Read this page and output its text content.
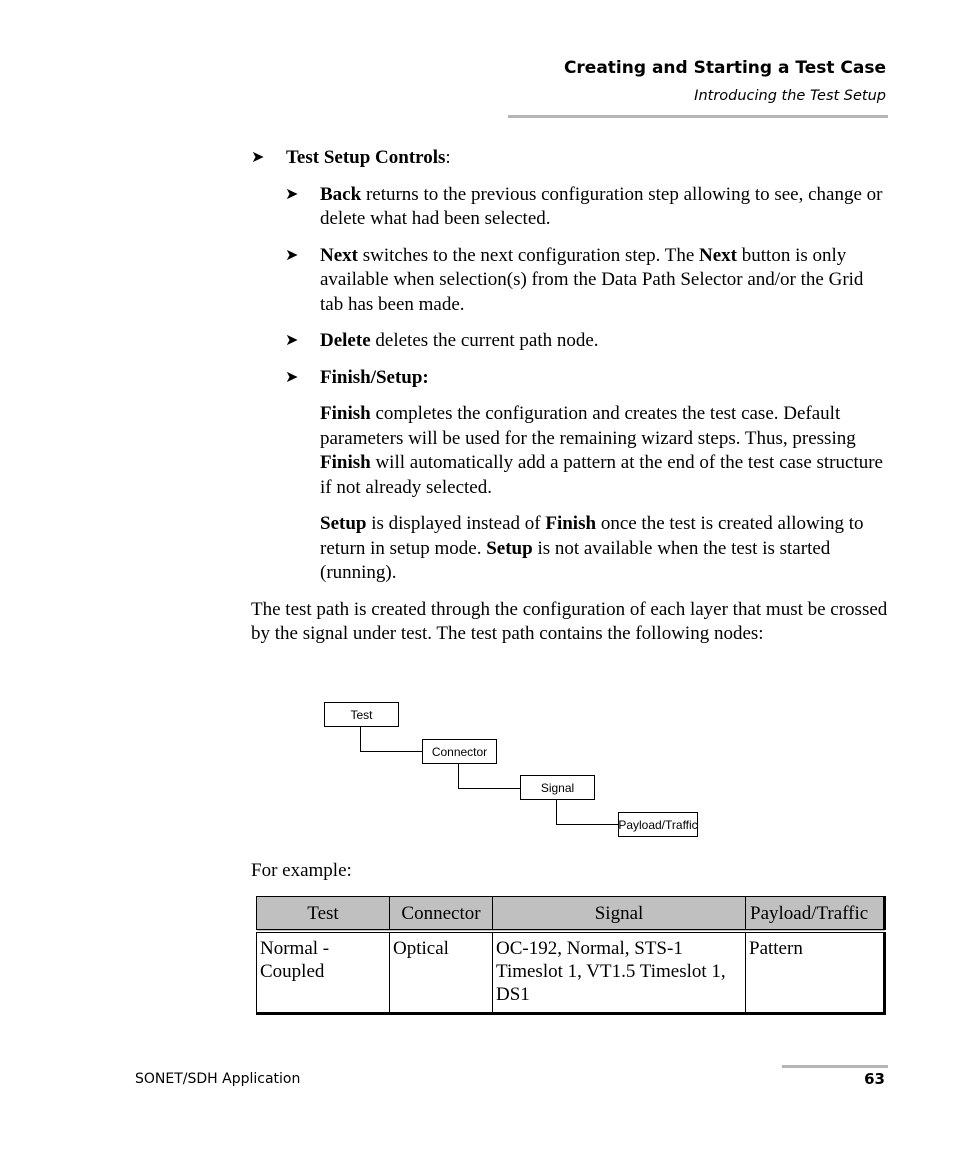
Creating and Starting a Test Case
Introducing the Test Setup
➤ Test Setup Controls:
➤ Back returns to the previous configuration step allowing to see, change or delete what had been selected.
➤ Next switches to the next configuration step. The Next button is only available when selection(s) from the Data Path Selector and/or the Grid tab has been made.
➤ Delete deletes the current path node.
➤ Finish/Setup:

Finish completes the configuration and creates the test case. Default parameters will be used for the remaining wizard steps. Thus, pressing Finish will automatically add a pattern at the end of the test case structure if not already selected.

Setup is displayed instead of Finish once the test is created allowing to return in setup mode. Setup is not available when the test is started (running).

The test path is created through the configuration of each layer that must be crossed by the signal under test. The test path contains the following nodes:

Test
Connector
Signal
Payload/Traffic
For example:
Test	Connector	Signal	Payload/Traffic
Normal - Coupled	Optical	OC-192, Normal, STS-1 Timeslot 1, VT1.5 Timeslot 1, DS1	Pattern
SONET/SDH Application	63
